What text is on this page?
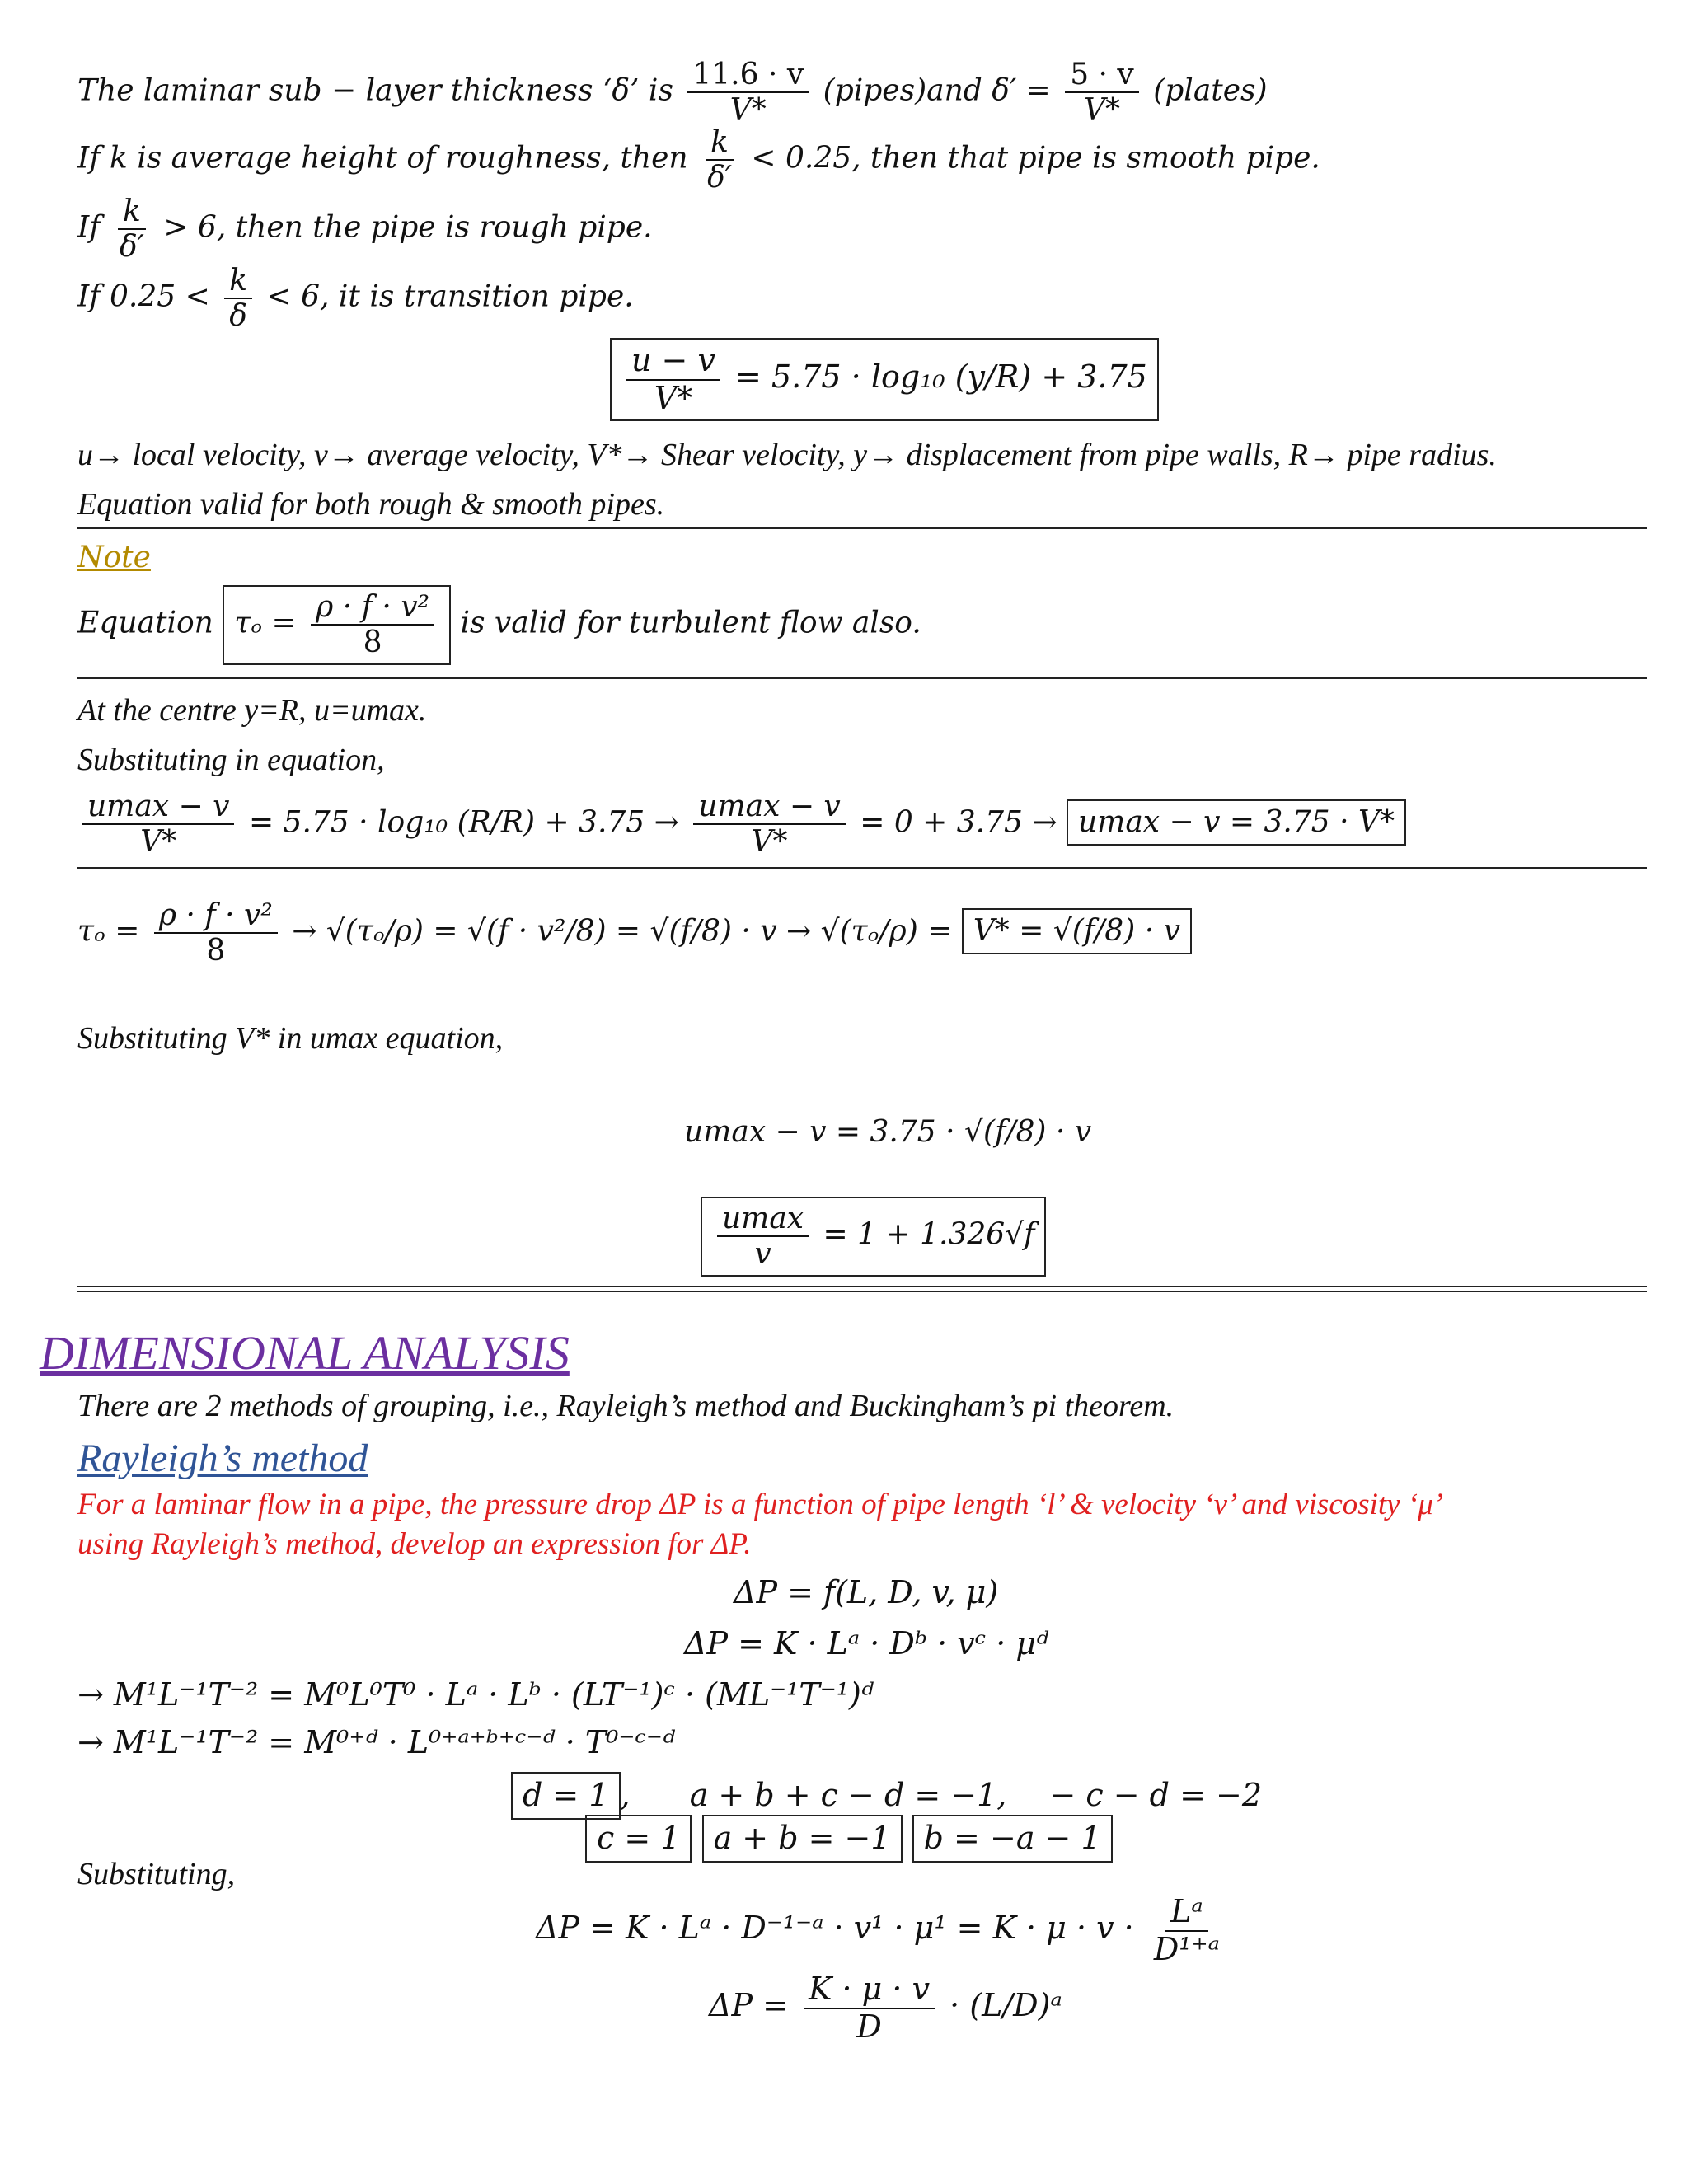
The laminar sub − layer thickness ‘δ’ is $\frac{11.6 \cdot v}{V*}$ (pipes)and $\delta' = \frac{5 \cdot v}{V*}$ (plates)
If k is average height of roughness, then $\frac{k}{\delta'} < 0.25$, then that pipe is smooth pipe.
If $\frac{k}{\delta'} > 6$, then the pipe is rough pipe.
If $0.25 < \frac{k}{\delta} < 6$, it is transition pipe.
$\frac{u - v}{V*} = 5.75 \cdot \log_{10}$ (y/R) + 3.75
u→ local velocity, v→ average velocity, V*→ Shear velocity, y→ displacement from pipe walls, R→ pipe radius.
Equation valid for both rough & smooth pipes.
Note
Equation $\tau_o = \frac{\text{ρ · f · v²}}{8}$ is valid for turbulent flow also.
At the centre y=R, u=umax.
Substituting in equation,
$\frac{umax - v}{V*} = 5.75 \cdot \log_{10}$ $(R/R) + 3.75 \to \frac{umax - v}{V*} = 0 + 3.75 \to umax - v = 3.75 \cdot V*$
$\tau_o = \frac{\text{ρ · f · v²}}{8} \to √(\tau_o/\rho) = √(f \cdot v^2/8) = √(f/8) \cdot v \to √(\tau_o/\rho) = V* = √(f/8) \cdot v$
Substituting V* in umax equation,
umax − v = 3.75 · √(f/8) · v
$\frac{umax}{v} = 1 + 1.326√f$
DIMENSIONAL ANALYSIS
There are 2 methods of grouping, i.e., Rayleigh’s method and Buckingham’s pi theorem.
Rayleigh’s method
For a laminar flow in a pipe, the pressure drop ΔP is a function of pipe length ‘l’ & velocity ‘v’ and viscosity ‘μ’
using Rayleigh’s method, develop an expression for ΔP.
ΔP = f(L, D, v, μ)
ΔP = K · Lᵃ · Dᵇ · vᶜ · μᵈ
→ M¹L⁻¹T⁻² = M⁰L⁰T⁰ · Lᵃ · Lᵇ · (LT⁻¹)ᶜ · (ML⁻¹T⁻¹)ᵈ
→ M¹L⁻¹T⁻² = M⁰⁺ᵈ · L⁰⁺ᵃ⁺ᵇ⁺ᶜ⁻ᵈ · T⁰⁻ᶜ⁻ᵈ
d = 1 , a + b + c − d = −1, − c − d = −2
c = 1 a + b = −1 b = −a − 1
Substituting,
ΔP = K · Lᵃ · D⁻¹⁻ᵃ · $v^1 \cdot \mu^1 = K \cdot \mu \cdot v \cdot \frac{\text{Lᵃ}}{\text{D¹⁺ᵃ}}$
$\Delta P = \frac{K \cdot \mu \cdot v}{D}$ · (L/D)ᵃ
